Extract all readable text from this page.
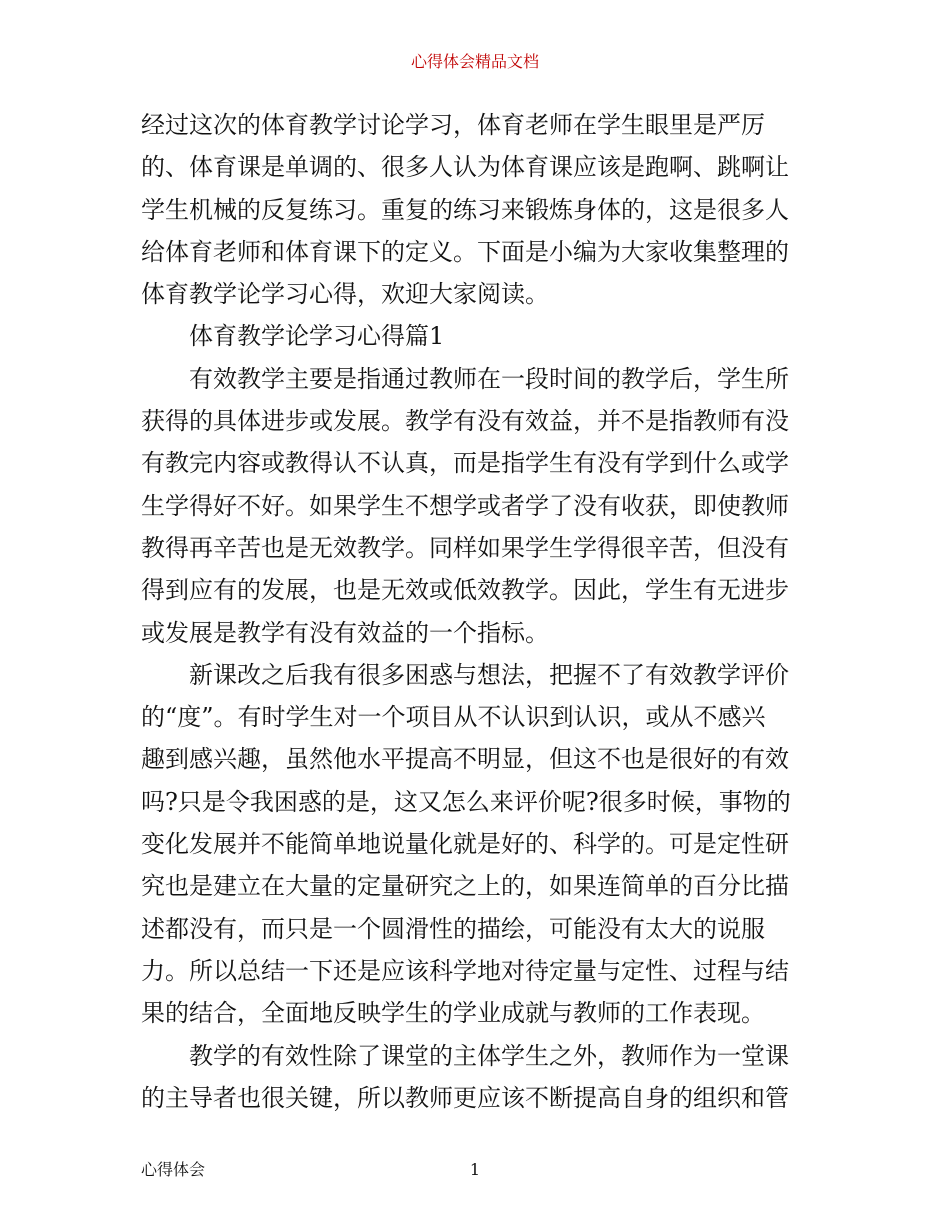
心得体会精品文档
经过这次的体育教学讨论学习，体育老师在学生眼里是严厉
的、体育课是单调的、很多人认为体育课应该是跑啊、跳啊让
学生机械的反复练习。重复的练习来锻炼身体的，这是很多人
给体育老师和体育课下的定义。下面是小编为大家收集整理的
体育教学论学习心得，欢迎大家阅读。
体育教学论学习心得篇1
有效教学主要是指通过教师在一段时间的教学后，学生所
获得的具体进步或发展。教学有没有效益，并不是指教师有没
有教完内容或教得认不认真，而是指学生有没有学到什么或学
生学得好不好。如果学生不想学或者学了没有收获，即使教师
教得再辛苦也是无效教学。同样如果学生学得很辛苦，但没有
得到应有的发展，也是无效或低效教学。因此，学生有无进步
或发展是教学有没有效益的一个指标。
新课改之后我有很多困惑与想法，把握不了有效教学评价
的“度”。有时学生对一个项目从不认识到认识，或从不感兴
趣到感兴趣，虽然他水平提高不明显，但这不也是很好的有效
吗?只是令我困惑的是，这又怎么来评价呢?很多时候，事物的
变化发展并不能简单地说量化就是好的、科学的。可是定性研
究也是建立在大量的定量研究之上的，如果连简单的百分比描
述都没有，而只是一个圆滑性的描绘，可能没有太大的说服
力。所以总结一下还是应该科学地对待定量与定性、过程与结
果的结合，全面地反映学生的学业成就与教师的工作表现。
教学的有效性除了课堂的主体学生之外，教师作为一堂课
的主导者也很关键，所以教师更应该不断提高自身的组织和管
心得体会	1
